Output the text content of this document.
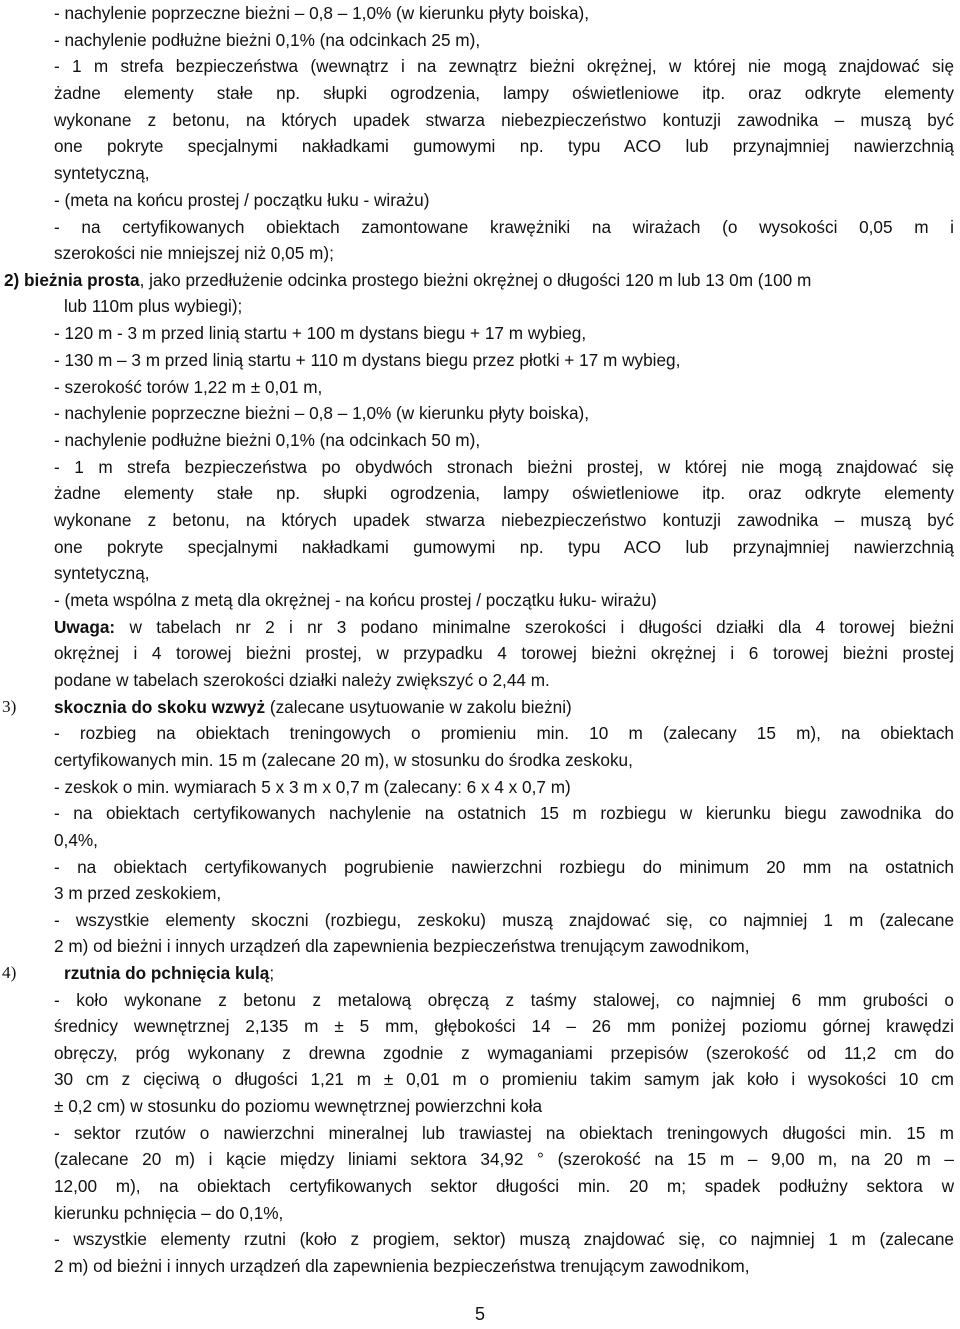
- nachylenie poprzeczne bieżni – 0,8 – 1,0% (w kierunku płyty boiska),
- nachylenie podłużne bieżni 0,1% (na odcinkach 25 m),
- 1 m strefa bezpieczeństwa (wewnątrz i na zewnątrz bieżni okrężnej, w której nie mogą znajdować się
żadne elementy stałe np. słupki ogrodzenia, lampy oświetleniowe itp. oraz odkryte elementy
wykonane z betonu, na których upadek stwarza niebezpieczeństwo kontuzji zawodnika – muszą być
one pokryte specjalnymi nakładkami gumowymi np. typu ACO lub przynajmniej nawierzchnią
syntetyczną,
- (meta na końcu prostej / początku łuku - wirażu)
- na certyfikowanych obiektach zamontowane krawężniki na wirażach (o wysokości 0,05 m i
szerokości nie mniejszej niż 0,05 m);
2) bieżnia prosta, jako przedłużenie odcinka prostego bieżni okrężnej o długości 120 m lub 13 0m (100 m
lub 110m plus wybiegi);
- 120 m - 3 m przed linią startu + 100 m dystans biegu + 17 m wybieg,
- 130 m – 3 m przed linią startu + 110 m dystans biegu przez płotki + 17 m wybieg,
- szerokość torów 1,22 m ± 0,01 m,
- nachylenie poprzeczne bieżni – 0,8 – 1,0% (w kierunku płyty boiska),
- nachylenie podłużne bieżni 0,1% (na odcinkach 50 m),
- 1 m strefa bezpieczeństwa po obydwóch stronach bieżni prostej, w której nie mogą znajdować się
żadne elementy stałe np. słupki ogrodzenia, lampy oświetleniowe itp. oraz odkryte elementy
wykonane z betonu, na których upadek stwarza niebezpieczeństwo kontuzji zawodnika – muszą być
one pokryte specjalnymi nakładkami gumowymi np. typu ACO lub przynajmniej nawierzchnią
syntetyczną,
- (meta wspólna z metą dla okrężnej - na końcu prostej / początku łuku- wirażu)
Uwaga: w tabelach nr 2 i nr 3 podano minimalne szerokości i długości działki dla 4 torowej bieżni
okrężnej i 4 torowej bieżni prostej, w przypadku 4 torowej bieżni okrężnej i 6 torowej bieżni prostej
podane w tabelach szerokości działki należy zwiększyć o 2,44 m.
3) skocznia do skoku wzwyż (zalecane usytuowanie w zakolu bieżni)
- rozbieg na obiektach treningowych o promieniu min. 10 m (zalecany 15 m), na obiektach
certyfikowanych min. 15 m (zalecane 20 m), w stosunku do środka zeskoku,
- zeskok o min. wymiarach 5 x 3 m x 0,7 m (zalecany: 6 x 4 x 0,7 m)
- na obiektach certyfikowanych nachylenie na ostatnich 15 m rozbiegu w kierunku biegu zawodnika do
0,4%,
- na obiektach certyfikowanych pogrubienie nawierzchni rozbiegu do minimum 20 mm na ostatnich
3 m przed zeskokiem,
- wszystkie elementy skoczni (rozbiegu, zeskoku) muszą znajdować się, co najmniej 1 m (zalecane
2 m) od bieżni i innych urządzeń dla zapewnienia bezpieczeństwa trenującym zawodnikom,
4)	rzutnia do pchnięcia kulą;
- koło wykonane z betonu z metalową obręczą z taśmy stalowej, co najmniej 6 mm grubości o
średnicy wewnętrznej 2,135 m ± 5 mm, głębokości 14 – 26 mm poniżej poziomu górnej krawędzi
obręczy, próg wykonany z drewna zgodnie z wymaganiami przepisów (szerokość od 11,2 cm do
30 cm z cięciwą o długości 1,21 m ± 0,01 m o promieniu takim samym jak koło i wysokości 10 cm
± 0,2 cm) w stosunku do poziomu wewnętrznej powierzchni koła
- sektor rzutów o nawierzchni mineralnej lub trawiastej na obiektach treningowych długości min. 15 m
(zalecane 20 m) i kącie między liniami sektora 34,92 ° (szerokość na 15 m – 9,00 m, na 20 m –
12,00 m), na obiektach certyfikowanych sektor długości min. 20 m; spadek podłużny sektora w
kierunku pchnięcia – do 0,1%,
- wszystkie elementy rzutni (koło z progiem, sektor) muszą znajdować się, co najmniej 1 m (zalecane
2 m) od bieżni i innych urządzeń dla zapewnienia bezpieczeństwa trenującym zawodnikom,
5
